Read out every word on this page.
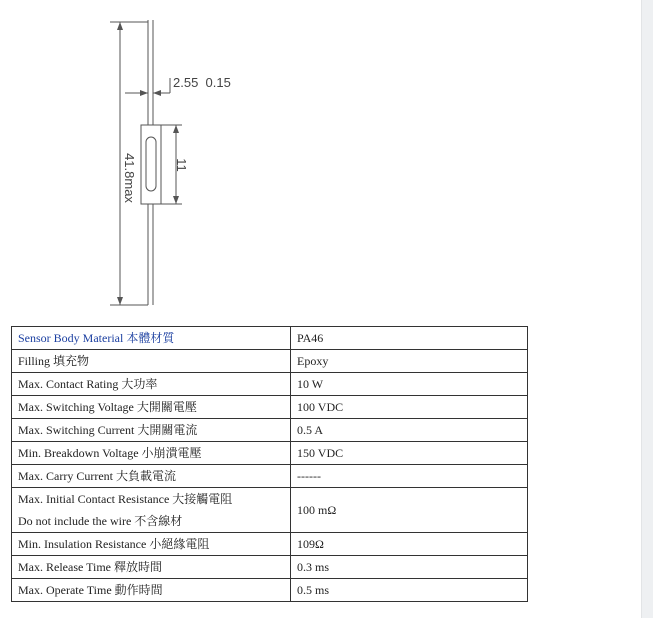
2.55  0.15
11
41.8max
Sensor Body Material 本體材質	PA46
Filling 填充物	Epoxy
Max. Contact Rating 大功率	10 W
Max. Switching Voltage 大開關電壓	100 VDC
Max. Switching Current 大開關電流	0.5 A
Min. Breakdown Voltage 小崩潰電壓	150 VDC
Max. Carry Current 大負載電流	------

Max. Initial Contact Resistance 大接觸電阻
Do not include the wire 不含線材	100 mΩ
Min. Insulation Resistance 小絕緣電阻	109Ω
Max. Release Time 釋放時間	0.3 ms
Max. Operate Time 動作時間	0.5 ms
